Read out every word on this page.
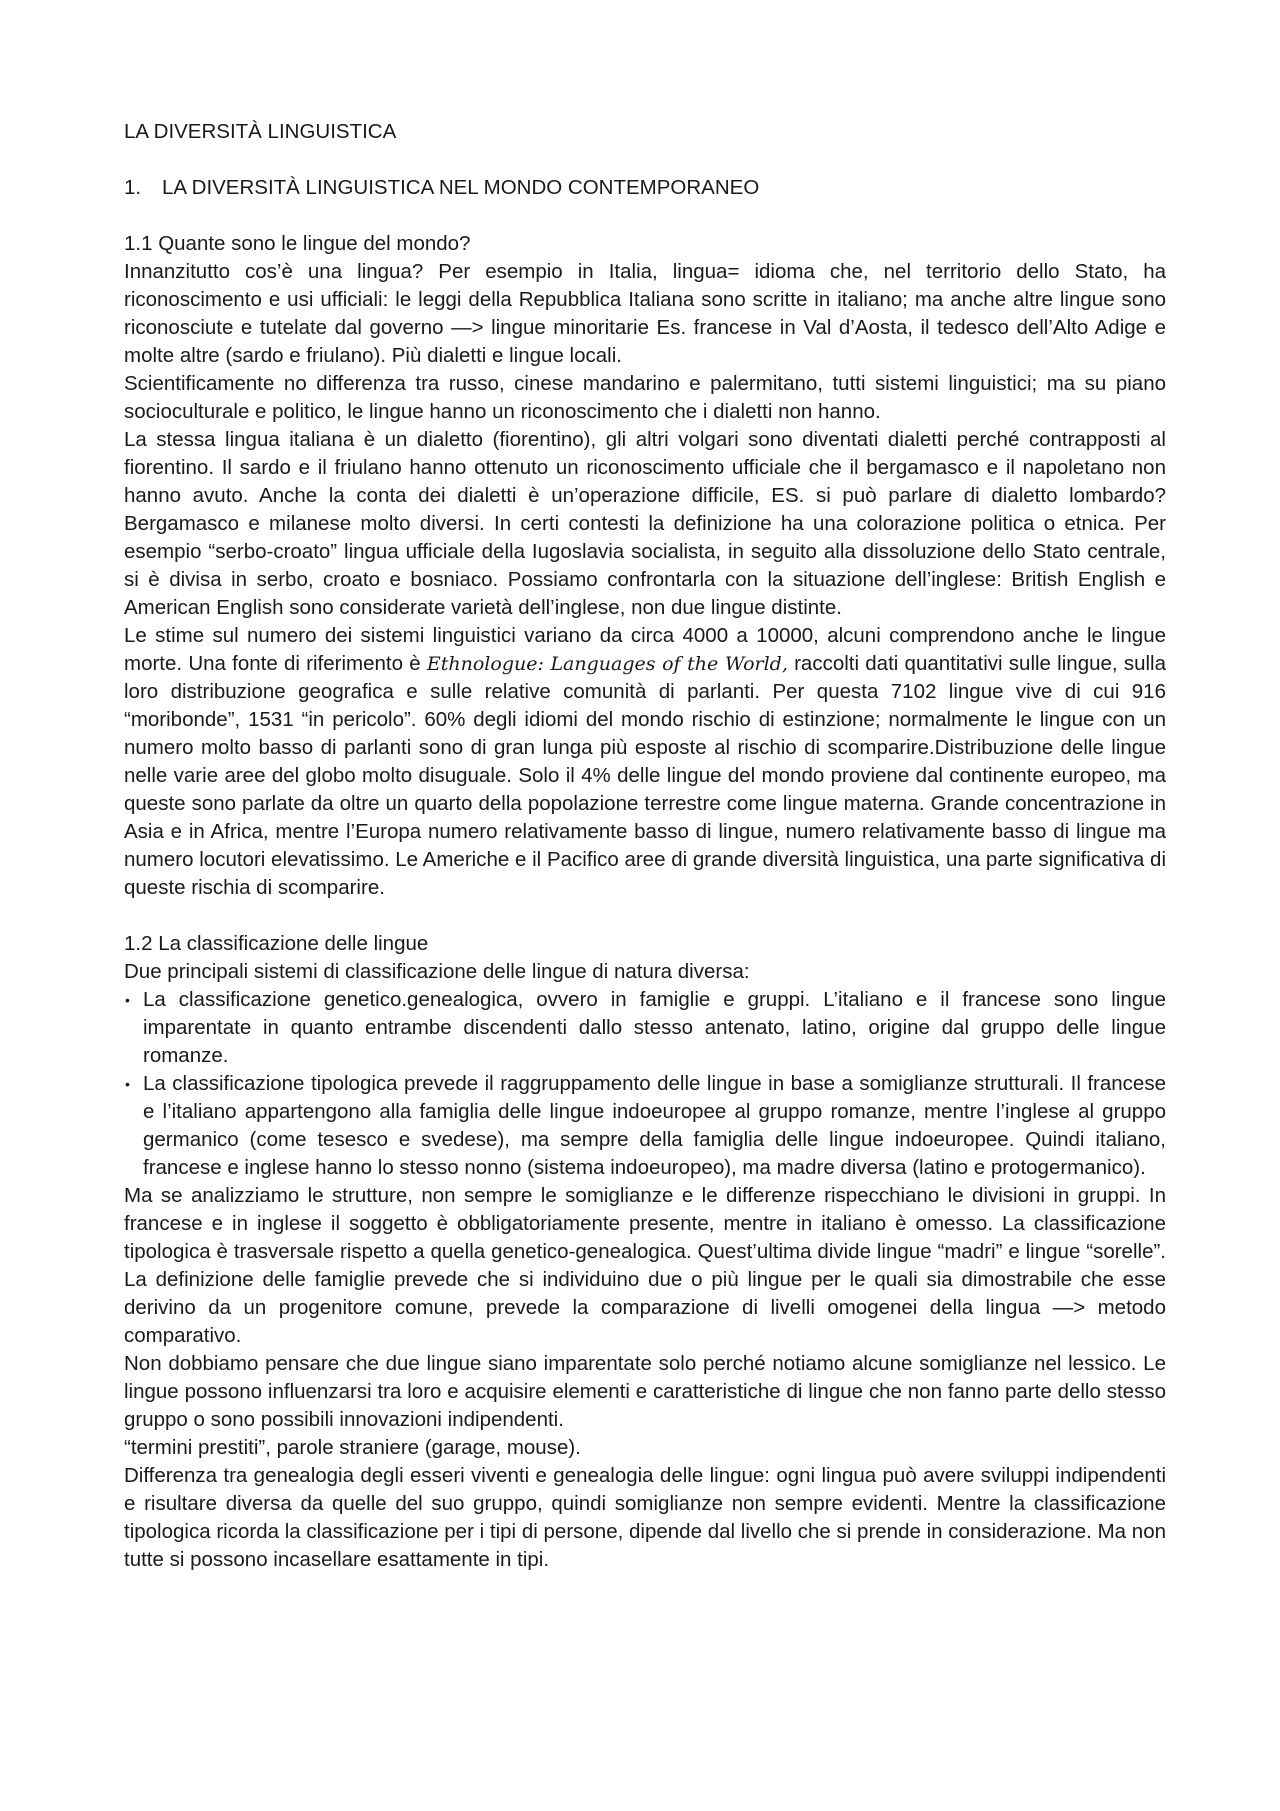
LA DIVERSITÀ LINGUISTICA
1.	LA DIVERSITÀ LINGUISTICA NEL MONDO CONTEMPORANEO
1.1 Quante sono le lingue del mondo?

Innanzitutto cos’è una lingua? Per esempio in Italia, lingua= idioma che, nel territorio dello Stato, ha riconoscimento e usi ufficiali: le leggi della Repubblica Italiana sono scritte in italiano; ma anche altre lingue sono riconosciute e tutelate dal governo —> lingue minoritarie Es. francese in Val d’Aosta, il tedesco dell’Alto Adige e molte altre (sardo e friulano). Più dialetti e lingue locali.

Scientificamente no differenza tra russo, cinese mandarino e palermitano, tutti sistemi linguistici; ma su piano socioculturale e politico, le lingue hanno un riconoscimento che i dialetti non hanno.

La stessa lingua italiana è un dialetto (fiorentino), gli altri volgari sono diventati dialetti perché contrapposti al fiorentino. Il sardo e il friulano hanno ottenuto un riconoscimento ufficiale che il bergamasco e il napoletano non hanno avuto. Anche la conta dei dialetti è un’operazione difficile, ES. si può parlare di dialetto lombardo? Bergamasco e milanese molto diversi. In certi contesti la definizione ha una colorazione politica o etnica. Per esempio “serbo-croato” lingua ufficiale della Iugoslavia socialista, in seguito alla dissoluzione dello Stato centrale, si è divisa in serbo, croato e bosniaco. Possiamo confrontarla con la situazione dell’inglese: British English e American English sono considerate varietà dell’inglese, non due lingue distinte.

Le stime sul numero dei sistemi linguistici variano da circa 4000 a 10000, alcuni comprendono anche le lingue morte. Una fonte di riferimento è Ethnologue: Languages of the World, raccolti dati quantitativi sulle lingue, sulla loro distribuzione geografica e sulle relative comunità di parlanti. Per questa 7102 lingue vive di cui 916 “moribonde”, 1531 “in pericolo”. 60% degli idiomi del mondo rischio di estinzione; normalmente le lingue con un numero molto basso di parlanti sono di gran lunga più esposte al rischio di scomparire.Distribuzione delle lingue nelle varie aree del globo molto disuguale. Solo il 4% delle lingue del mondo proviene dal continente europeo, ma queste sono parlate da oltre un quarto della popolazione terrestre come lingue materna. Grande concentrazione in Asia e in Africa, mentre l’Europa numero relativamente basso di lingue, numero relativamente basso di lingue ma numero locutori elevatissimo. Le Americhe e il Pacifico aree di grande diversità linguistica, una parte significativa di queste rischia di scomparire.

1.2 La classificazione delle lingue

Due principali sistemi di classificazione delle lingue di natura diversa:

• La classificazione genetico.genealogica, ovvero in famiglie e gruppi. L’italiano e il francese sono lingue imparentate in quanto entrambe discendenti dallo stesso antenato, latino, origine dal gruppo delle lingue romanze.
• La classificazione tipologica prevede il raggruppamento delle lingue in base a somiglianze strutturali. Il francese e l’italiano appartengono alla famiglia delle lingue indoeuropee al gruppo romanze, mentre l’inglese al gruppo germanico (come tesesco e svedese), ma sempre della famiglia delle lingue indoeuropee. Quindi italiano, francese e inglese hanno lo stesso nonno (sistema indoeuropeo), ma madre diversa (latino e protogermanico).

Ma se analizziamo le strutture, non sempre le somiglianze e le differenze rispecchiano le divisioni in gruppi. In francese e in inglese il soggetto è obbligatoriamente presente, mentre in italiano è omesso. La classificazione tipologica è trasversale rispetto a quella genetico-genealogica. Quest’ultima divide lingue “madri” e lingue “sorelle”. La definizione delle famiglie prevede che si individuino due o più lingue per le quali sia dimostrabile che esse derivino da un progenitore comune, prevede la comparazione di livelli omogenei della lingua —> metodo comparativo.

Non dobbiamo pensare che due lingue siano imparentate solo perché notiamo alcune somiglianze nel lessico. Le lingue possono influenzarsi tra loro e acquisire elementi e caratteristiche di lingue che non fanno parte dello stesso gruppo o sono possibili innovazioni indipendenti.

“termini prestiti”, parole straniere (garage, mouse).

Differenza tra genealogia degli esseri viventi e genealogia delle lingue: ogni lingua può avere sviluppi indipendenti e risultare diversa da quelle del suo gruppo, quindi somiglianze non sempre evidenti. Mentre la classificazione tipologica ricorda la classificazione per i tipi di persone, dipende dal livello che si prende in considerazione. Ma non tutte si possono incasellare esattamente in tipi.
